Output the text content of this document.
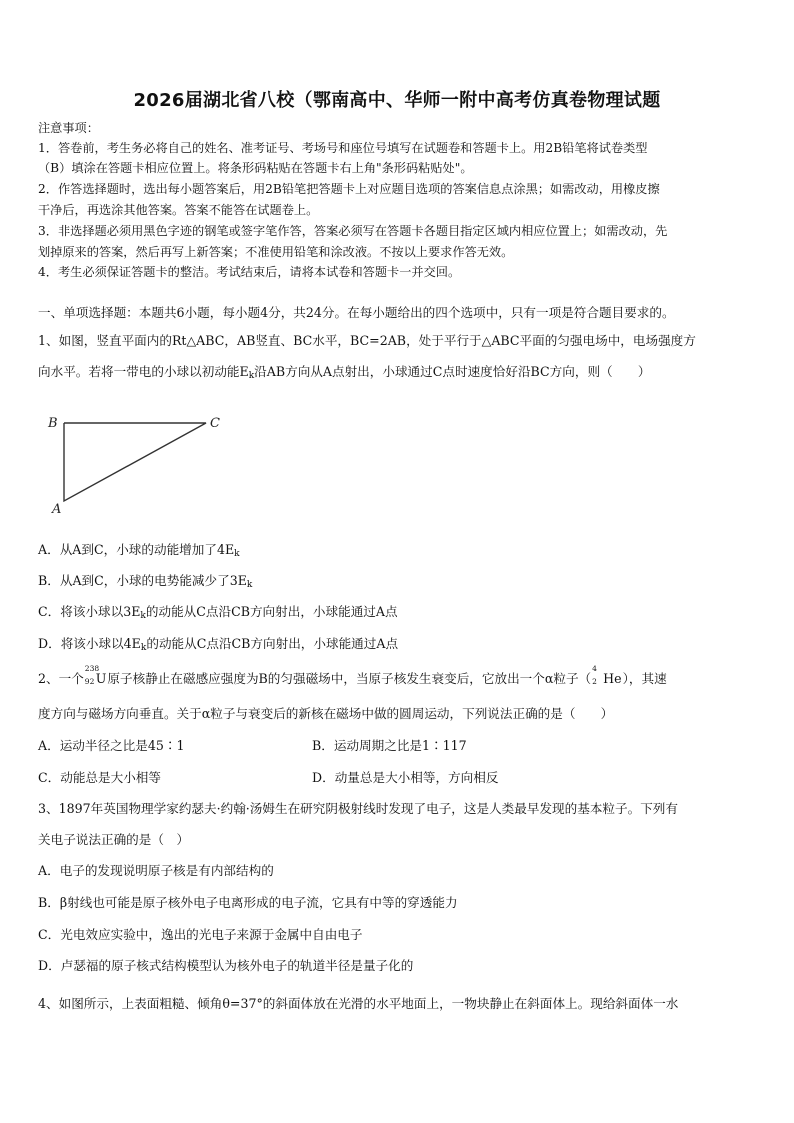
2026届湖北省八校（鄂南高中、华师一附中高考仿真卷物理试题
注意事项：
1．答卷前，考生务必将自己的姓名、准考证号、考场号和座位号填写在试题卷和答题卡上。用2B铅笔将试卷类型
（B）填涂在答题卡相应位置上。将条形码粘贴在答题卡右上角"条形码粘贴处"。
2．作答选择题时，选出每小题答案后，用2B铅笔把答题卡上对应题目选项的答案信息点涂黑；如需改动，用橡皮擦
干净后，再选涂其他答案。答案不能答在试题卷上。
3．非选择题必须用黑色字迹的钢笔或签字笔作答，答案必须写在答题卡各题目指定区域内相应位置上；如需改动，先
划掉原来的答案，然后再写上新答案；不准使用铅笔和涂改液。不按以上要求作答无效。
4．考生必须保证答题卡的整洁。考试结束后，请将本试卷和答题卡一并交回。
一、单项选择题：本题共6小题，每小题4分，共24分。在每小题给出的四个选项中，只有一项是符合题目要求的。
1、如图，竖直平面内的Rt△ABC，AB竖直、BC水平，BC=2AB，处于平行于△ABC平面的匀强电场中，电场强度方
向水平。若将一带电的小球以初动能$E_k$沿AB方向从A点射出，小球通过C点时速度恰好沿BC方向，则（　　）
B	C
A
A．从A到C，小球的动能增加了$4E_k$
B．从A到C，小球的电势能减少了$3E_k$
C．将该小球以$3E_k$的动能从C点沿CB方向射出，小球能通过A点
D．将该小球以$4E_k$的动能从C点沿CB方向射出，小球能通过A点
2、一个
238
92 U原子核静止在磁感应强度为B的匀强磁场中，当原子核发生衰变后，它放出一个α粒子（
4
2 He），其速
度方向与磁场方向垂直。关于α粒子与衰变后的新核在磁场中做的圆周运动，下列说法正确的是（　　）
A．运动半径之比是45∶1	B．运动周期之比是1∶117
C．动能总是大小相等	D．动量总是大小相等，方向相反
3、1897年英国物理学家约瑟夫·约翰·汤姆生在研究阴极射线时发现了电子，这是人类最早发现的基本粒子。下列有
关电子说法正确的是（　）
A．电子的发现说明原子核是有内部结构的
B．β射线也可能是原子核外电子电离形成的电子流，它具有中等的穿透能力
C．光电效应实验中，逸出的光电子来源于金属中自由电子
D．卢瑟福的原子核式结构模型认为核外电子的轨道半径是量子化的
4、如图所示，上表面粗糙、倾角θ=37°的斜面体放在光滑的水平地面上，一物块静止在斜面体上。现给斜面体一水
